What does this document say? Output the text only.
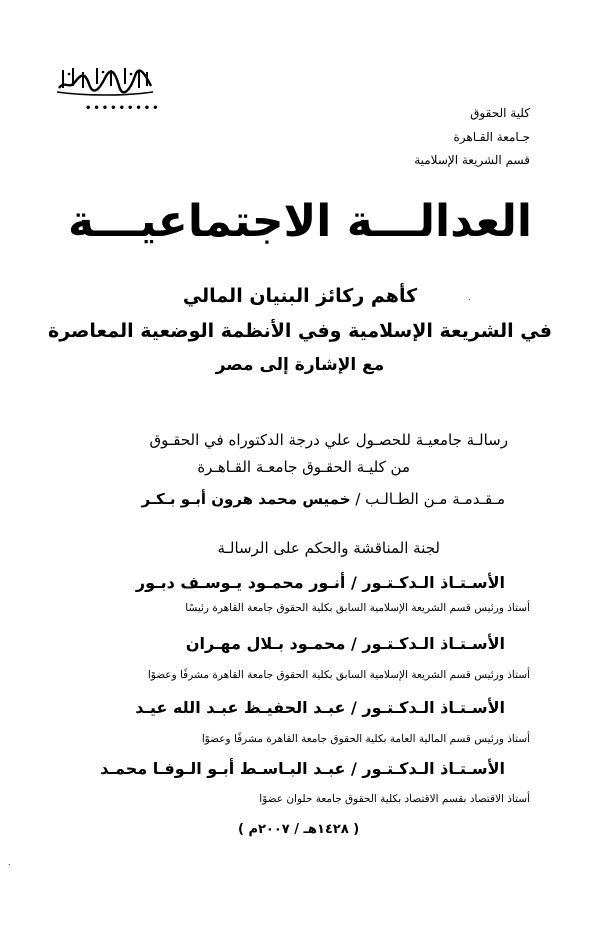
•••••••••	كلية الحقوق
جـامعة القـاهرة
قسم الشريعة الإسلامية
العدالـــة الاجتماعيـــة
كأهم ركائز البنيان المالي
في الشريعة الإسلامية وفي الأنظمة الوضعية المعاصرة
مع الإشارة إلى مصر
.
رسالـة جامعيـة للحصـول علي درجة الدكتوراه في الحقـوق
من كليـة الحقـوق جامعـة القـاهـرة
مـقـدمـة مـن الطـالـب / خميس محمد هرون أبـو بـكـر
لجنة المناقشة والحكم على الرسالـة
الأسـتـاذ الـدكـتـور / أنـور محمـود يـوسـف دبـور
أستاذ ورئيس قسم الشريعة الإسلامية السابق بكلية الحقوق جامعة القاهرة رئيسًا
الأسـتـاذ الـدكـتـور / محمـود بـلال مهـران
أستاذ ورئيس قسم الشريعة الإسلامية السابق بكلية الحقوق جامعة القاهرة مشرفًا وعضوًا
الأسـتـاذ الـدكـتـور / عبـد الحفيـظ عبـد الله عيـد
أستاذ ورئيس قسم المالية العامة بكلية الحقوق جامعة القاهرة مشرفًا وعضوًا
الأسـتـاذ الـدكـتـور / عبـد البـاسـط أبـو الـوفـا محمـد
أستاذ الاقتصاد بقسم الاقتصاد بكلية الحقوق جامعة حلوان عضوًا
( ١٤٢٨هـ / ٢٠٠٧م )
.
